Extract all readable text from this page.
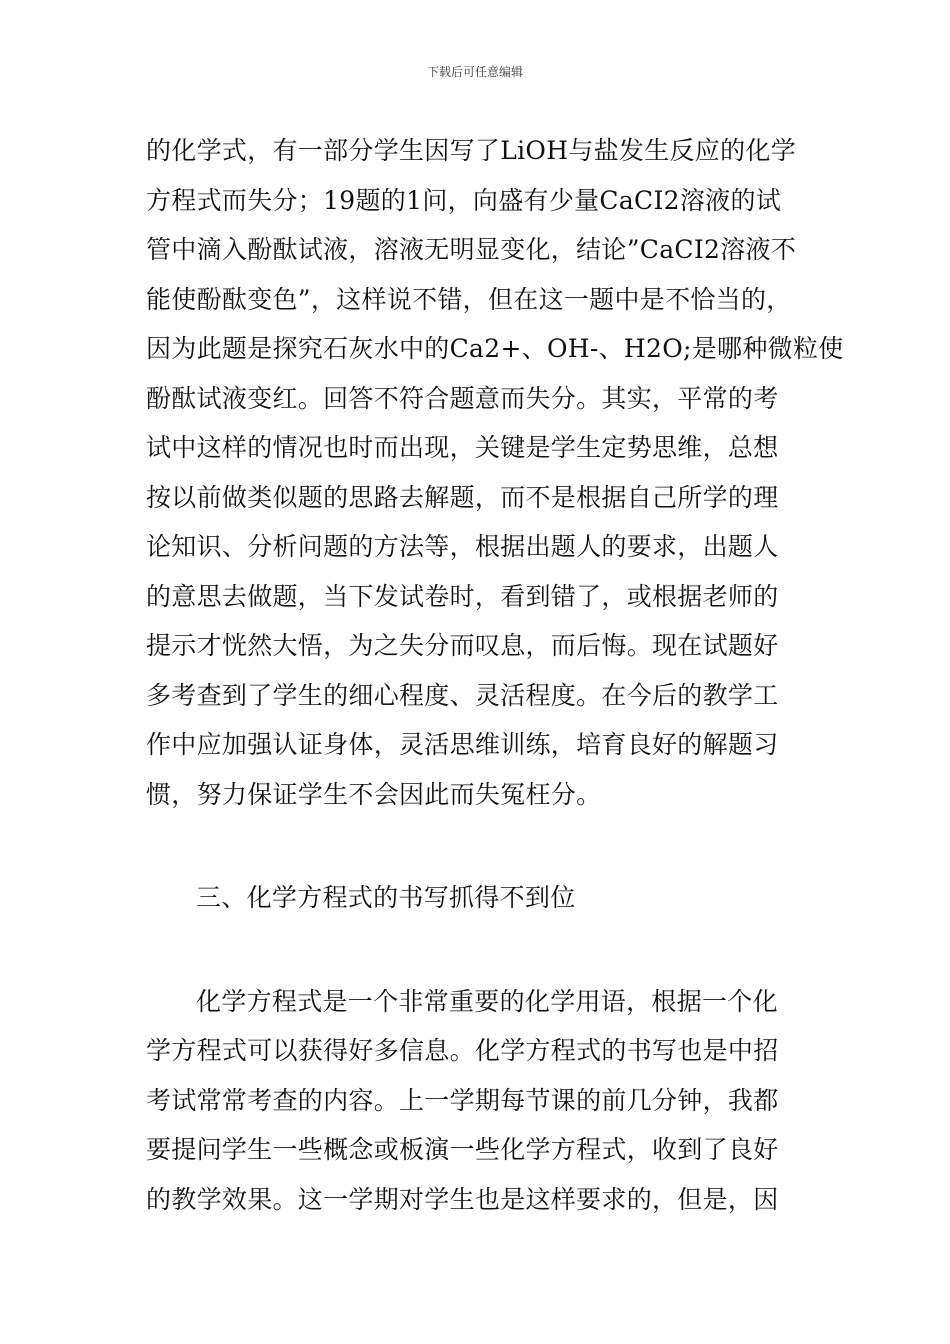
下载后可任意编辑

的化学式，有一部分学生因写了LiOH与盐发生反应的化学
方程式而失分；19题的1问，向盛有少量CaCI2溶液的试
管中滴入酚酞试液，溶液无明显变化，结论”CaCI2溶液不
能使酚酞变色”，这样说不错，但在这一题中是不恰当的，
因为此题是探究石灰水中的Ca2+、OH-、H2O;是哪种微粒使
酚酞试液变红。回答不符合题意而失分。其实，平常的考
试中这样的情况也时而出现，关键是学生定势思维，总想
按以前做类似题的思路去解题，而不是根据自己所学的理
论知识、分析问题的方法等，根据出题人的要求，出题人
的意思去做题，当下发试卷时，看到错了，或根据老师的
提示才恍然大悟，为之失分而叹息，而后悔。现在试题好
多考查到了学生的细心程度、灵活程度。在今后的教学工
作中应加强认证身体，灵活思维训练，培育良好的解题习
惯，努力保证学生不会因此而失冤枉分。

三、化学方程式的书写抓得不到位

化学方程式是一个非常重要的化学用语，根据一个化
学方程式可以获得好多信息。化学方程式的书写也是中招
考试常常考查的内容。上一学期每节课的前几分钟，我都
要提问学生一些概念或板演一些化学方程式，收到了良好
的教学效果。这一学期对学生也是这样要求的，但是，因
